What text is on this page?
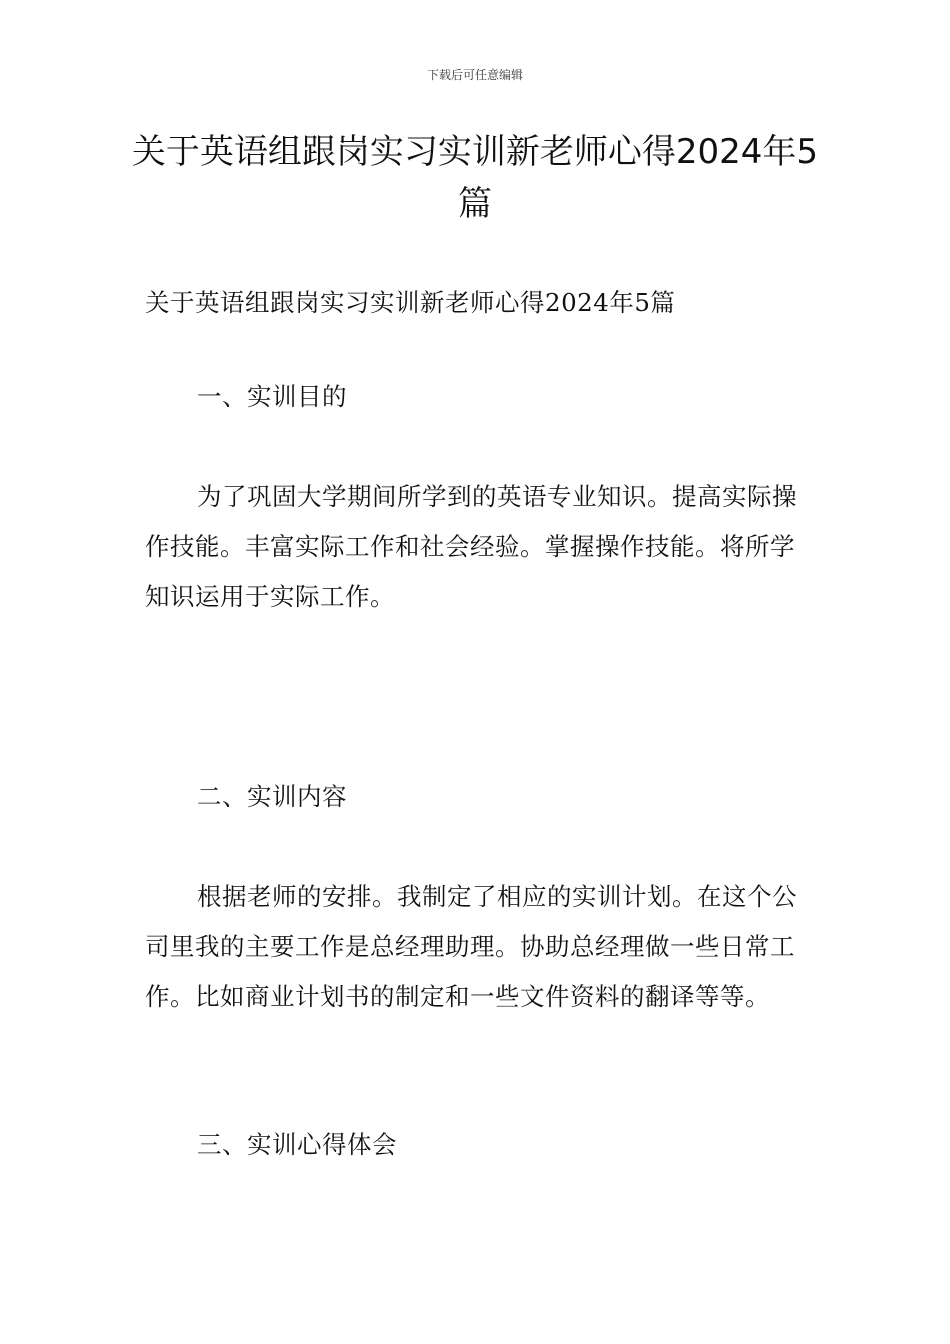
下载后可任意编辑
关于英语组跟岗实习实训新老师心得2024年5篇

关于英语组跟岗实习实训新老师心得2024年5篇

一、实训目的

为了巩固大学期间所学到的英语专业知识。提高实际操作技能。丰富实际工作和社会经验。掌握操作技能。将所学知识运用于实际工作。

二、实训内容

根据老师的安排。我制定了相应的实训计划。在这个公司里我的主要工作是总经理助理。协助总经理做一些日常工作。比如商业计划书的制定和一些文件资料的翻译等等。

三、实训心得体会
